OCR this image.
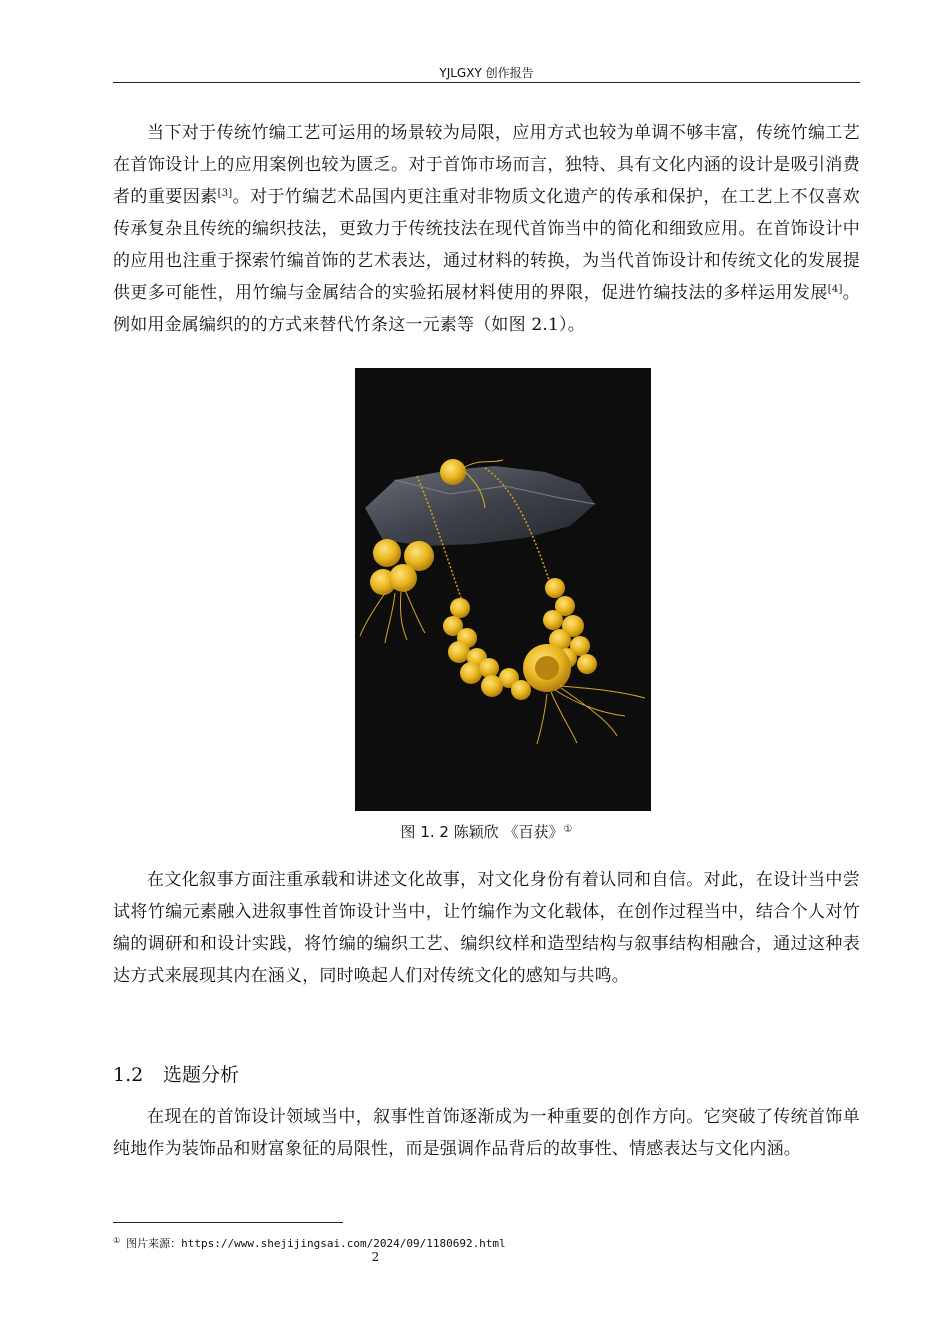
YJLGXY 创作报告

当下对于传统竹编工艺可运用的场景较为局限，应用方式也较为单调不够丰富，传统竹编工艺在首饰设计上的应用案例也较为匮乏。对于首饰市场而言，独特、具有文化内涵的设计是吸引消费者的重要因素[3]。对于竹编艺术品国内更注重对非物质文化遗产的传承和保护，在工艺上不仅喜欢传承复杂且传统的编织技法，更致力于传统技法在现代首饰当中的简化和细致应用。在首饰设计中的应用也注重于探索竹编首饰的艺术表达，通过材料的转换，为当代首饰设计和传统文化的发展提供更多可能性，用竹编与金属结合的实验拓展材料使用的界限，促进竹编技法的多样运用发展[4]。例如用金属编织的的方式来替代竹条这一元素等（如图 2.1）。

图 1. 2 陈颖欣 《百获》①

在文化叙事方面注重承载和讲述文化故事，对文化身份有着认同和自信。对此，在设计当中尝试将竹编元素融入进叙事性首饰设计当中，让竹编作为文化载体，在创作过程当中，结合个人对竹编的调研和和设计实践，将竹编的编织工艺、编织纹样和造型结构与叙事结构相融合，通过这种表达方式来展现其内在涵义，同时唤起人们对传统文化的感知与共鸣。

1.2 选题分析

在现在的首饰设计领域当中，叙事性首饰逐渐成为一种重要的创作方向。它突破了传统首饰单纯地作为装饰品和财富象征的局限性，而是强调作品背后的故事性、情感表达与文化内涵。

① 图片来源：https://www.shejijingsai.com/2024/09/1180692.html
2
